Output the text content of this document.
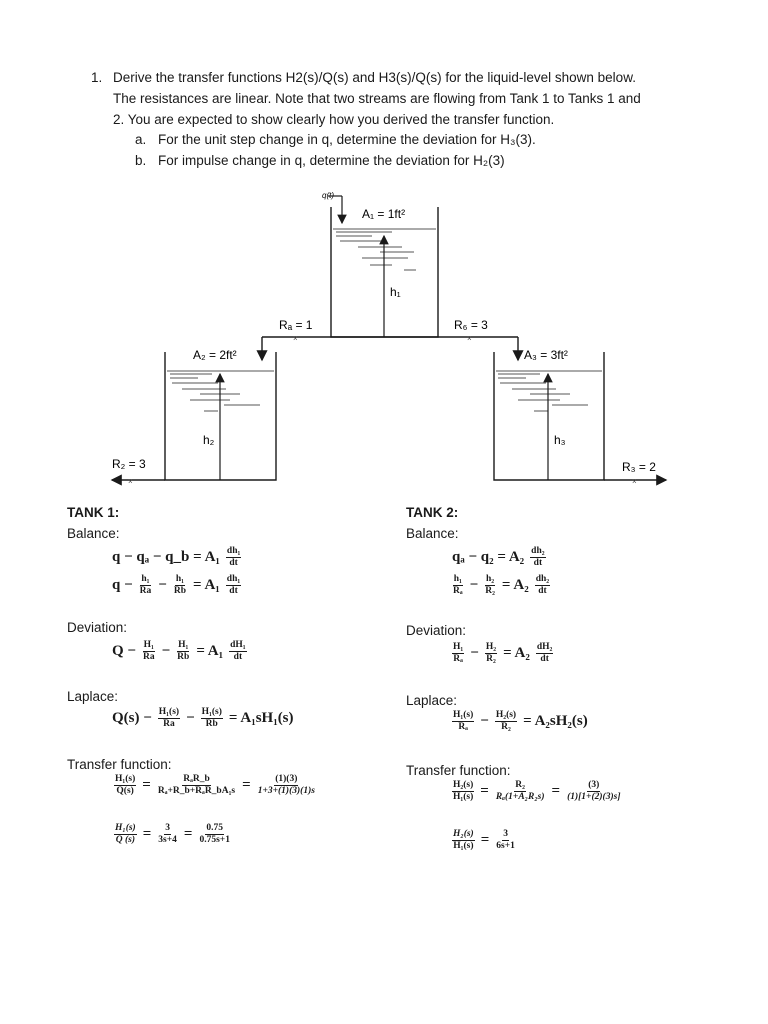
1. Derive the transfer functions H2(s)/Q(s) and H3(s)/Q(s) for the liquid-level shown below.
The resistances are linear. Note that two streams are flowing from Tank 1 to Tanks 1 and
2. You are expected to show clearly how you derived the transfer function.
a. For the unit step change in q, determine the deviation for H₃(3).
b. For impulse change in q, determine the deviation for H₂(3)
q(t)
A₁ = 1ft²
h₁
Rₐ = 1	R₆ = 3
×	×
A₂ = 2ft²
h₂
R₂ = 3
×
A₃ = 3ft²
h₃
R₃ = 2
×
TANK 1:
Balance:
q − qₐ − q_b = $A_1 \frac{\text{dh₁}}{dt}$
$q - \frac{\text{h₁}}{Ra} - \frac{\text{h₁}}{Rb} = A_1 \frac{\text{dh₁}}{dt}$
Deviation:
$Q - \frac{\text{H₁}}{Ra} - \frac{\text{H₁}}{Rb} = A_1 \frac{\text{dH₁}}{dt}$
Laplace:
$Q(s) - \frac{\text{H₁(s)}}{Ra} - \frac{\text{H₁(s)}}{Rb} = A_1sH_1(s)$
Transfer function:
$\frac{\text{H₁(s)}}{Q(s)} = \frac{\text{RₐR\_b}}{\text{Rₐ+R\_b+RₐR\_bA₁s}} = \frac{(1)(3)}{1+3+(1)(3)(1)s}$
$\frac{\text{H₁(s)}}{Q (s)} = \frac{3}{3s+4} = \frac{0.75}{0.75s+1}$
TANK 2:
Balance:
$q_a - q_2 = A_2 \frac{\text{dh₂}}{dt}$
$\frac{\text{h₁}}{\text{Rₐ}} - \frac{\text{h₂}}{\text{R₂}} = A_2 \frac{\text{dh₂}}{dt}$
Deviation:
$\frac{\text{H₁}}{\text{Rₐ}} - \frac{\text{H₂}}{\text{R₂}} = A_2 \frac{\text{dH₂}}{dt}$
Laplace:
$\frac{\text{H₁(s)}}{\text{Rₐ}} - \frac{\text{H₂(s)}}{\text{R₂}} = A_2sH_2(s)$
Transfer function:
$\frac{\text{H₂(s)}}{\text{H₁(s)}} = \frac{\text{R₂}}{\text{Rₐ(1+A₂R₂s)}} = \frac{(3)}{(1)[1+(2)(3)s]}$
$\frac{\text{H₂(s)}}{\text{H₁(s)}} = \frac{3}{6s+1}$
